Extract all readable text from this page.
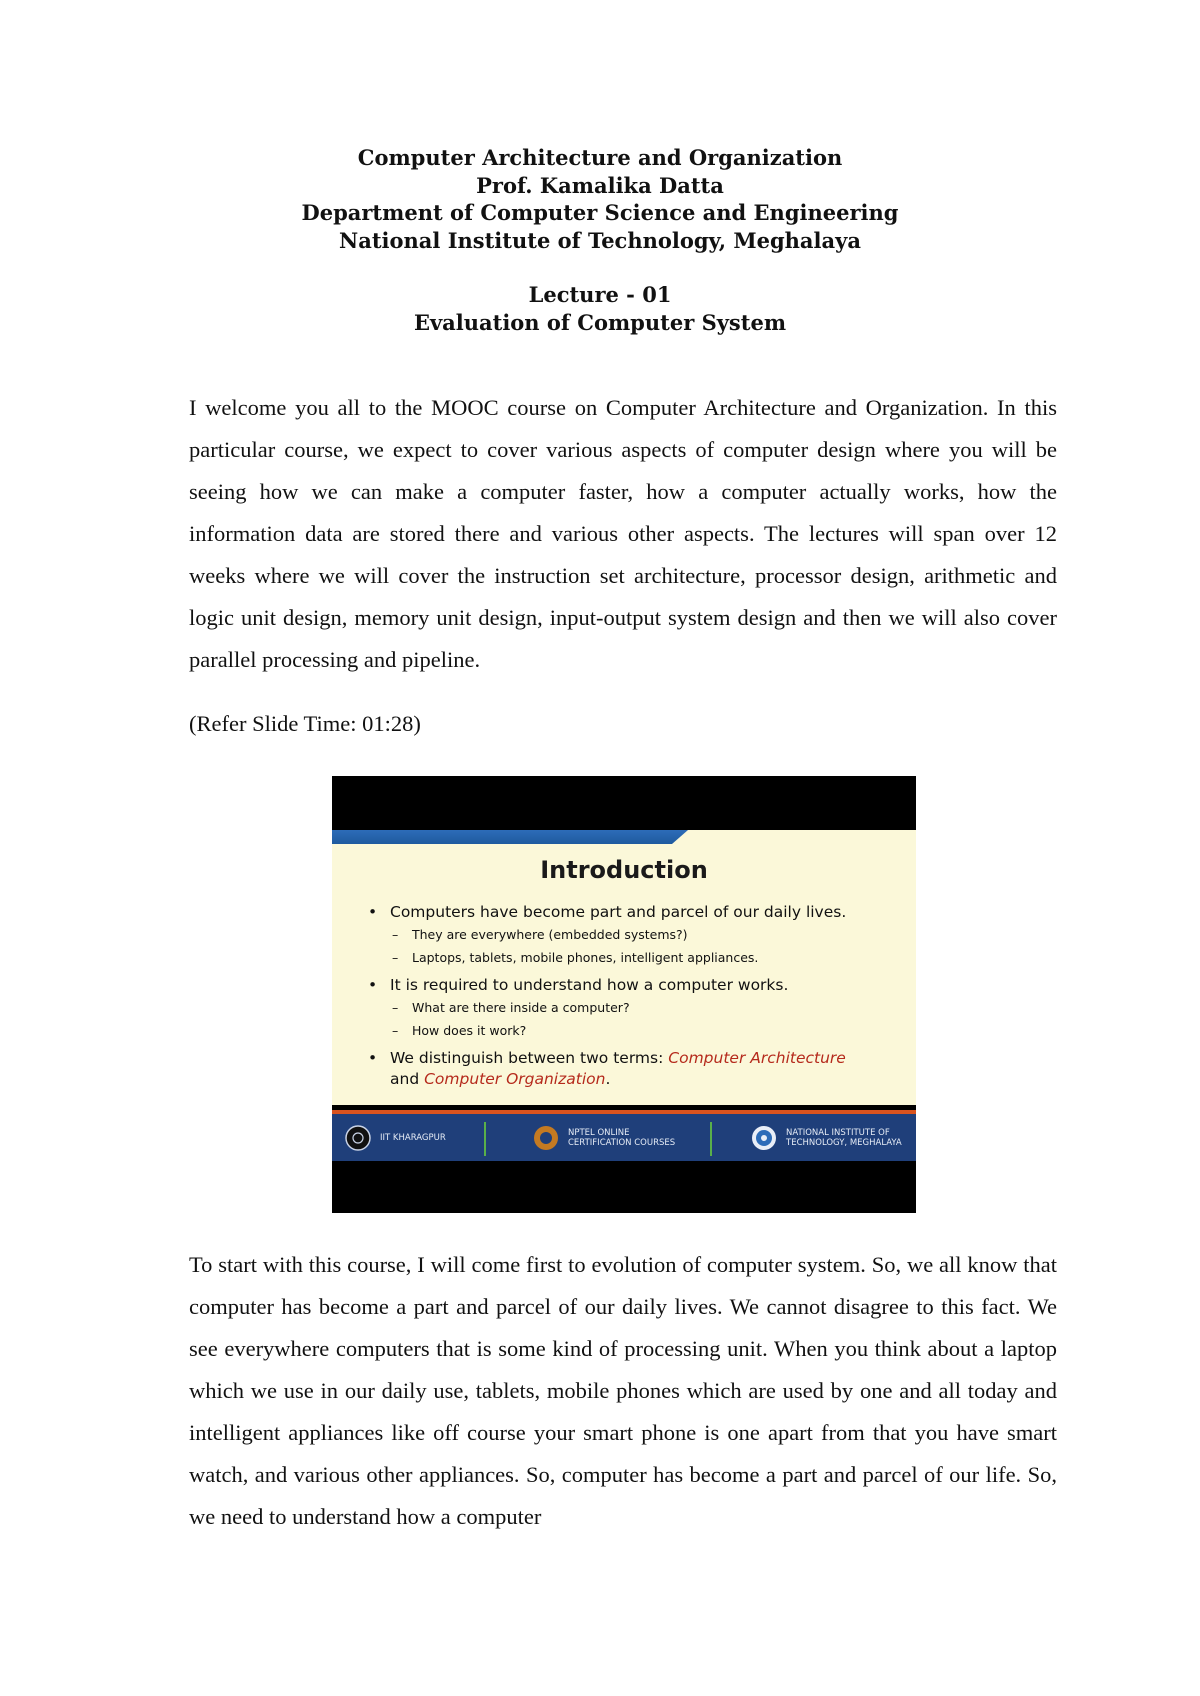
Computer Architecture and Organization
Prof. Kamalika Datta
Department of Computer Science and Engineering
National Institute of Technology, Meghalaya
Lecture - 01
Evaluation of Computer System

I welcome you all to the MOOC course on Computer Architecture and Organization. In this particular course, we expect to cover various aspects of computer design where you will be seeing how we can make a computer faster, how a computer actually works, how the information data are stored there and various other aspects. The lectures will span over 12 weeks where we will cover the instruction set architecture, processor design, arithmetic and logic unit design, memory unit design, input-output system design and then we will also cover parallel processing and pipeline.

(Refer Slide Time: 01:28)
Introduction
• Computers have become part and parcel of our daily lives.
– They are everywhere (embedded systems?)
– Laptops, tablets, mobile phones, intelligent appliances.
• It is required to understand how a computer works.
– What are there inside a computer?
– How does it work?
• We distinguish between two terms: Computer Architecture
and Computer Organization.
IIT KHARAGPUR	NPTEL ONLINE
CERTIFICATION COURSES
NATIONAL INSTITUTE OF
TECHNOLOGY, MEGHALAYA

To start with this course, I will come first to evolution of computer system. So, we all know that computer has become a part and parcel of our daily lives. We cannot disagree to this fact. We see everywhere computers that is some kind of processing unit. When you think about a laptop which we use in our daily use, tablets, mobile phones which are used by one and all today and intelligent appliances like off course your smart phone is one apart from that you have smart watch, and various other appliances. So, computer has become a part and parcel of our life. So, we need to understand how a computer
